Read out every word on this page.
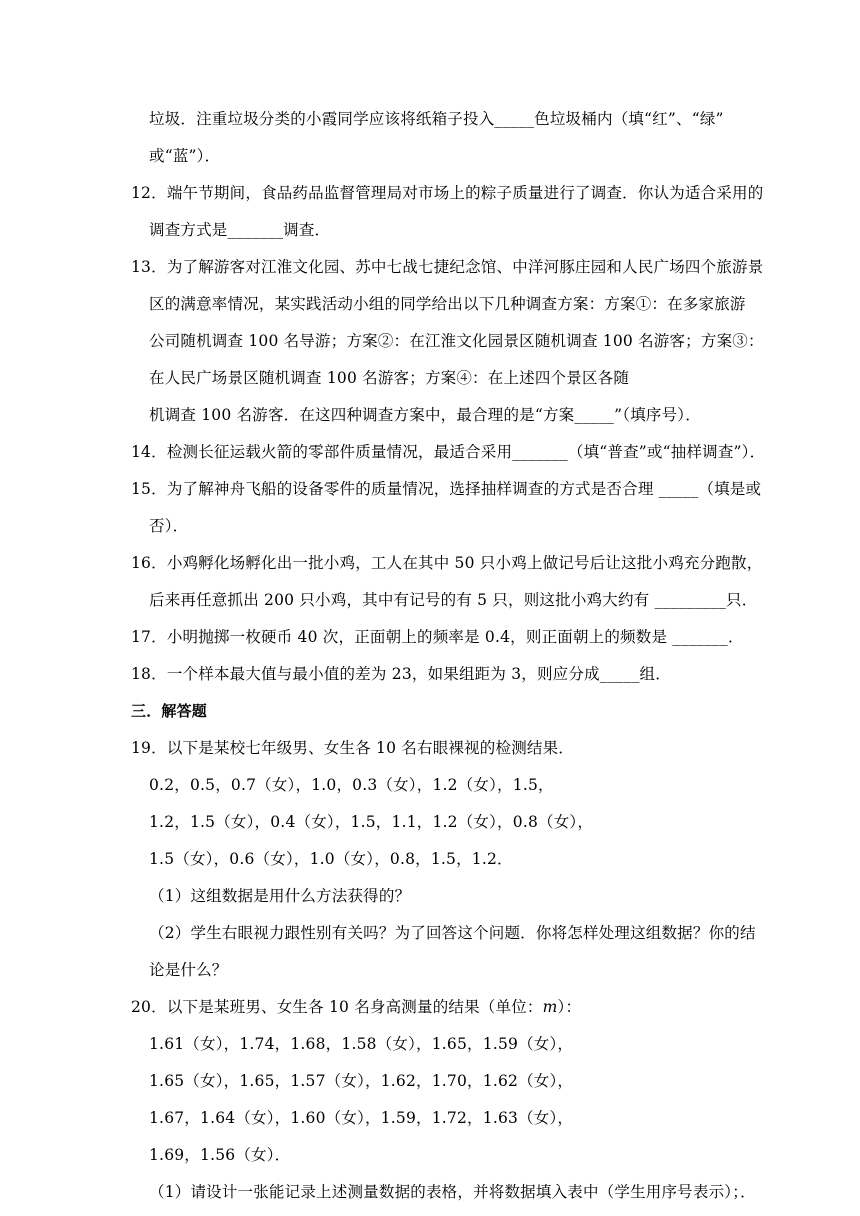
垃圾．注重垃圾分类的小霞同学应该将纸箱子投入_____色垃圾桶内（填“红”、“绿”
或“蓝”）．
12．端午节期间，食品药品监督管理局对市场上的粽子质量进行了调查．你认为适合采用的
调查方式是_______调查．
13．为了解游客对江淮文化园、苏中七战七捷纪念馆、中洋河豚庄园和人民广场四个旅游景
区的满意率情况，某实践活动小组的同学给出以下几种调查方案：方案①：在多家旅游
公司随机调查 100 名导游；方案②：在江淮文化园景区随机调查 100 名游客；方案③：
在人民广场景区随机调查 100 名游客；方案④：在上述四个景区各随
机调查 100 名游客．在这四种调查方案中，最合理的是“方案_____”（填序号）．
14．检测长征运载火箭的零部件质量情况，最适合采用_______（填“普查”或“抽样调查”）．
15．为了解神舟飞船的设备零件的质量情况，选择抽样调查的方式是否合理 _____（填是或
否）．
16．小鸡孵化场孵化出一批小鸡，工人在其中 50 只小鸡上做记号后让这批小鸡充分跑散，
后来再任意抓出 200 只小鸡，其中有记号的有 5 只，则这批小鸡大约有 _________只．
17．小明抛掷一枚硬币 40 次，正面朝上的频率是 0.4，则正面朝上的频数是 _______．
18．一个样本最大值与最小值的差为 23，如果组距为 3，则应分成_____组．
三．解答题
19．以下是某校七年级男、女生各 10 名右眼裸视的检测结果．
0.2，0.5，0.7（女），1.0，0.3（女），1.2（女），1.5，
1.2，1.5（女），0.4（女），1.5，1.1，1.2（女），0.8（女），
1.5（女），0.6（女），1.0（女），0.8，1.5，1.2．
（1）这组数据是用什么方法获得的？
（2）学生右眼视力跟性别有关吗？为了回答这个问题．你将怎样处理这组数据？你的结
论是什么？
20．以下是某班男、女生各 10 名身高测量的结果（单位：m）：
1.61（女），1.74，1.68，1.58（女），1.65，1.59（女），
1.65（女），1.65，1.57（女），1.62，1.70，1.62（女），
1.67，1.64（女），1.60（女），1.59，1.72，1.63（女），
1.69，1.56（女）．
（1）请设计一张能记录上述测量数据的表格，并将数据填入表中（学生用序号表示）；．
